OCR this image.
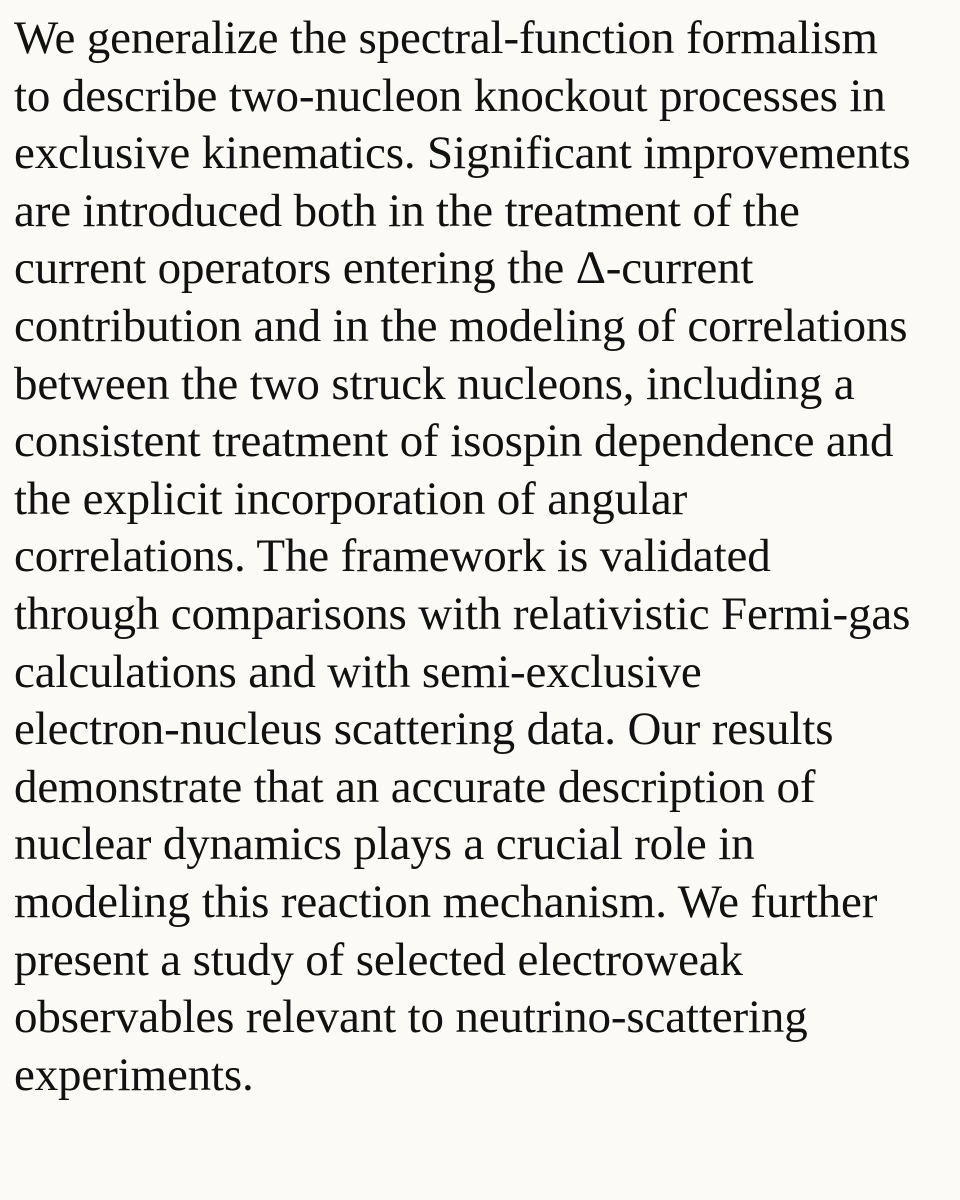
We generalize the spectral-function formalism
to describe two-nucleon knockout processes in
exclusive kinematics. Significant improvements
are introduced both in the treatment of the
current operators entering the Δ-current
contribution and in the modeling of correlations
between the two struck nucleons, including a
consistent treatment of isospin dependence and
the explicit incorporation of angular
correlations. The framework is validated
through comparisons with relativistic Fermi-gas
calculations and with semi-exclusive
electron-nucleus scattering data. Our results
demonstrate that an accurate description of
nuclear dynamics plays a crucial role in
modeling this reaction mechanism. We further
present a study of selected electroweak
observables relevant to neutrino-scattering
experiments.
